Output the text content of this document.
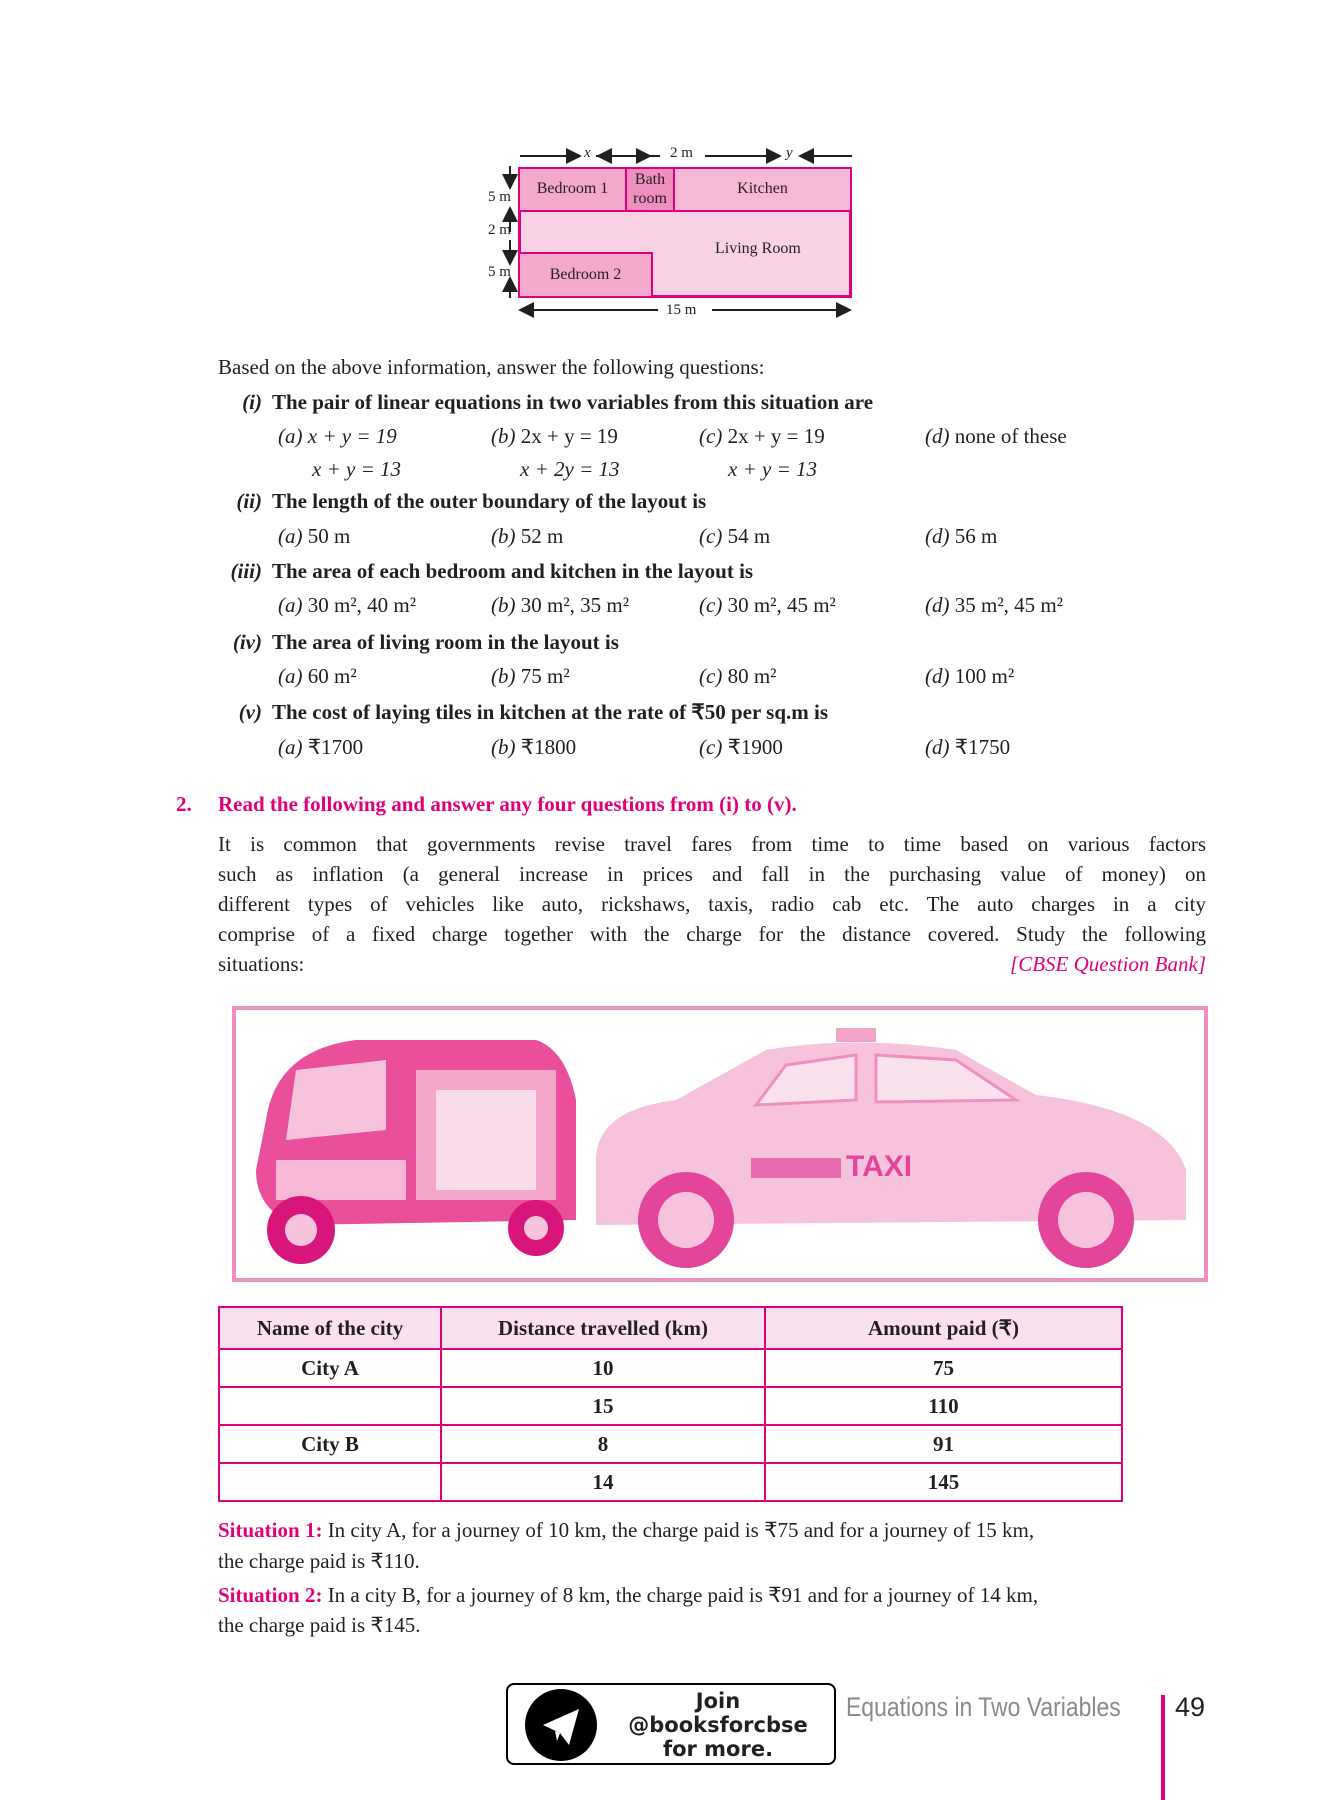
Living Room
Bedroom 1
Bath
room
Kitchen
Bedroom 2
x	2 m	y
5 m
2 m
5 m
15 m
Based on the above information, answer the following questions:
(i) The pair of linear equations in two variables from this situation are
(a) x + y = 19
x + y = 13
(b) 2x + y = 19
x + 2y = 13
(c) 2x + y = 19
x + y = 13
(d) none of these
(ii) The length of the outer boundary of the layout is
(a) 50 m	(b) 52 m	(c) 54 m	(d) 56 m
(iii) The area of each bedroom and kitchen in the layout is
(a) 30 m², 40 m²	(b) 30 m², 35 m²	(c) 30 m², 45 m²	(d) 35 m², 45 m²
(iv) The area of living room in the layout is
(a) 60 m²	(b) 75 m²	(c) 80 m²	(d) 100 m²
(v) The cost of laying tiles in kitchen at the rate of ₹50 per sq.m is
(a) ₹1700	(b) ₹1800	(c) ₹1900	(d) ₹1750
2. Read the following and answer any four questions from (i) to (v).
It is common that governments revise travel fares from time to time based on various factors
such as inflation (a general increase in prices and fall in the purchasing value of money) on
different types of vehicles like auto, rickshaws, taxis, radio cab etc. The auto charges in a city
comprise of a fixed charge together with the charge for the distance covered. Study the following
situations:	[CBSE Question Bank]
TAXI
Name of the city	Distance travelled (km)	Amount paid (₹)
City A	10	75
	15	110
City B	8	91
	14	145
Situation 1: In city A, for a journey of 10 km, the charge paid is ₹75 and for a journey of 15 km,
the charge paid is ₹110.
Situation 2: In a city B, for a journey of 8 km, the charge paid is ₹91 and for a journey of 14 km,
the charge paid is ₹145.
Join
@booksforcbse
for more.
Equations in Two Variables 49
